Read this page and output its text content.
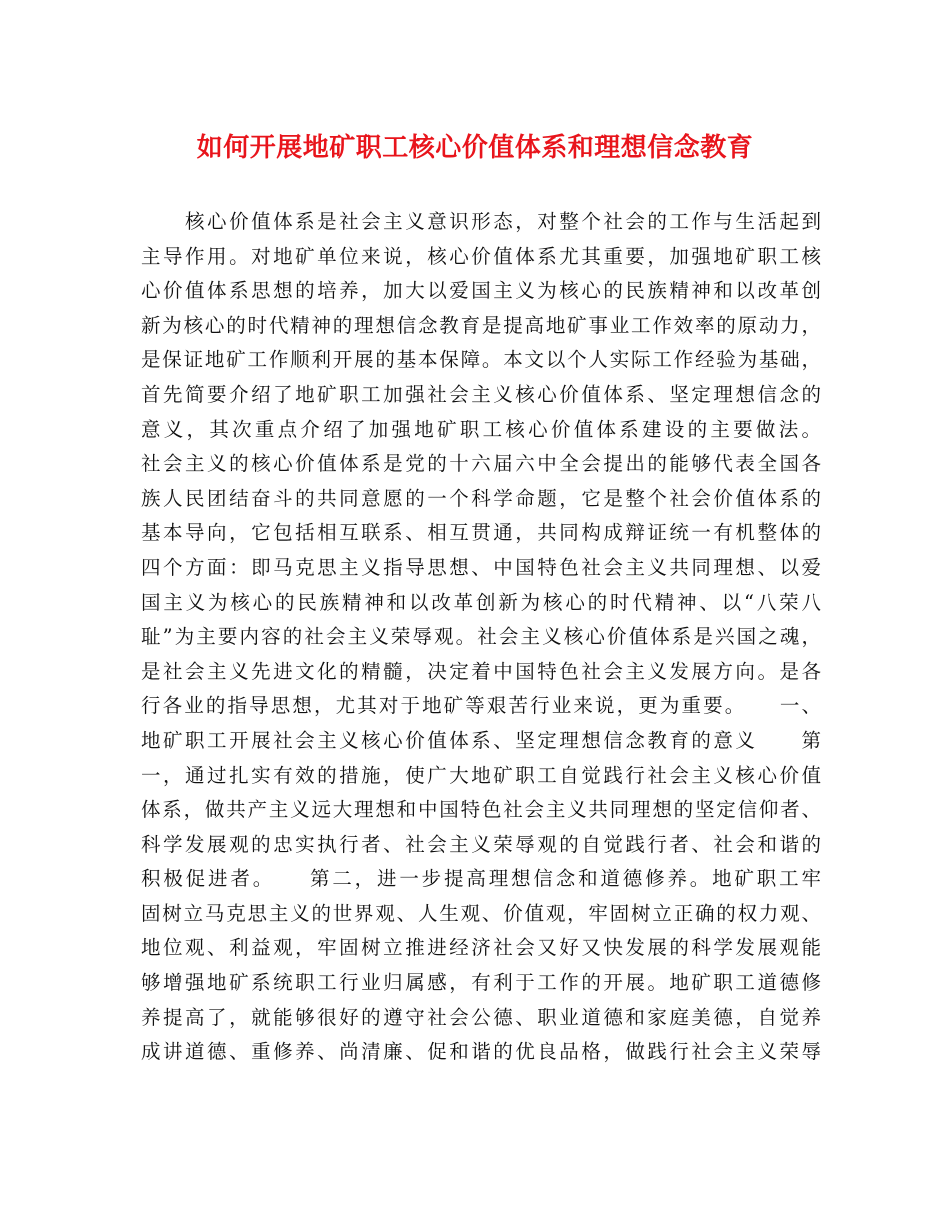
如何开展地矿职工核心价值体系和理想信念教育
　　核心价值体系是社会主义意识形态，对整个社会的工作与生活起到
主导作用。对地矿单位来说，核心价值体系尤其重要，加强地矿职工核
心价值体系思想的培养，加大以爱国主义为核心的民族精神和以改革创
新为核心的时代精神的理想信念教育是提高地矿事业工作效率的原动力，
是保证地矿工作顺利开展的基本保障。本文以个人实际工作经验为基础，
首先简要介绍了地矿职工加强社会主义核心价值体系、坚定理想信念的
意义，其次重点介绍了加强地矿职工核心价值体系建设的主要做法。
社会主义的核心价值体系是党的十六届六中全会提出的能够代表全国各
族人民团结奋斗的共同意愿的一个科学命题，它是整个社会价值体系的
基本导向，它包括相互联系、相互贯通，共同构成辩证统一有机整体的
四个方面：即马克思主义指导思想、中国特色社会主义共同理想、以爱
国主义为核心的民族精神和以改革创新为核心的时代精神、以“八荣八
耻”为主要内容的社会主义荣辱观。社会主义核心价值体系是兴国之魂，
是社会主义先进文化的精髓，决定着中国特色社会主义发展方向。是各
行各业的指导思想，尤其对于地矿等艰苦行业来说，更为重要。　　一、
地矿职工开展社会主义核心价值体系、坚定理想信念教育的意义　　第
一，通过扎实有效的措施，使广大地矿职工自觉践行社会主义核心价值
体系，做共产主义远大理想和中国特色社会主义共同理想的坚定信仰者、
科学发展观的忠实执行者、社会主义荣辱观的自觉践行者、社会和谐的
积极促进者。　　第二，进一步提高理想信念和道德修养。地矿职工牢
固树立马克思主义的世界观、人生观、价值观，牢固树立正确的权力观、
地位观、利益观，牢固树立推进经济社会又好又快发展的科学发展观能
够增强地矿系统职工行业归属感，有利于工作的开展。地矿职工道德修
养提高了，就能够很好的遵守社会公德、职业道德和家庭美德，自觉养
成讲道德、重修养、尚清廉、促和谐的优良品格，做践行社会主义荣辱
